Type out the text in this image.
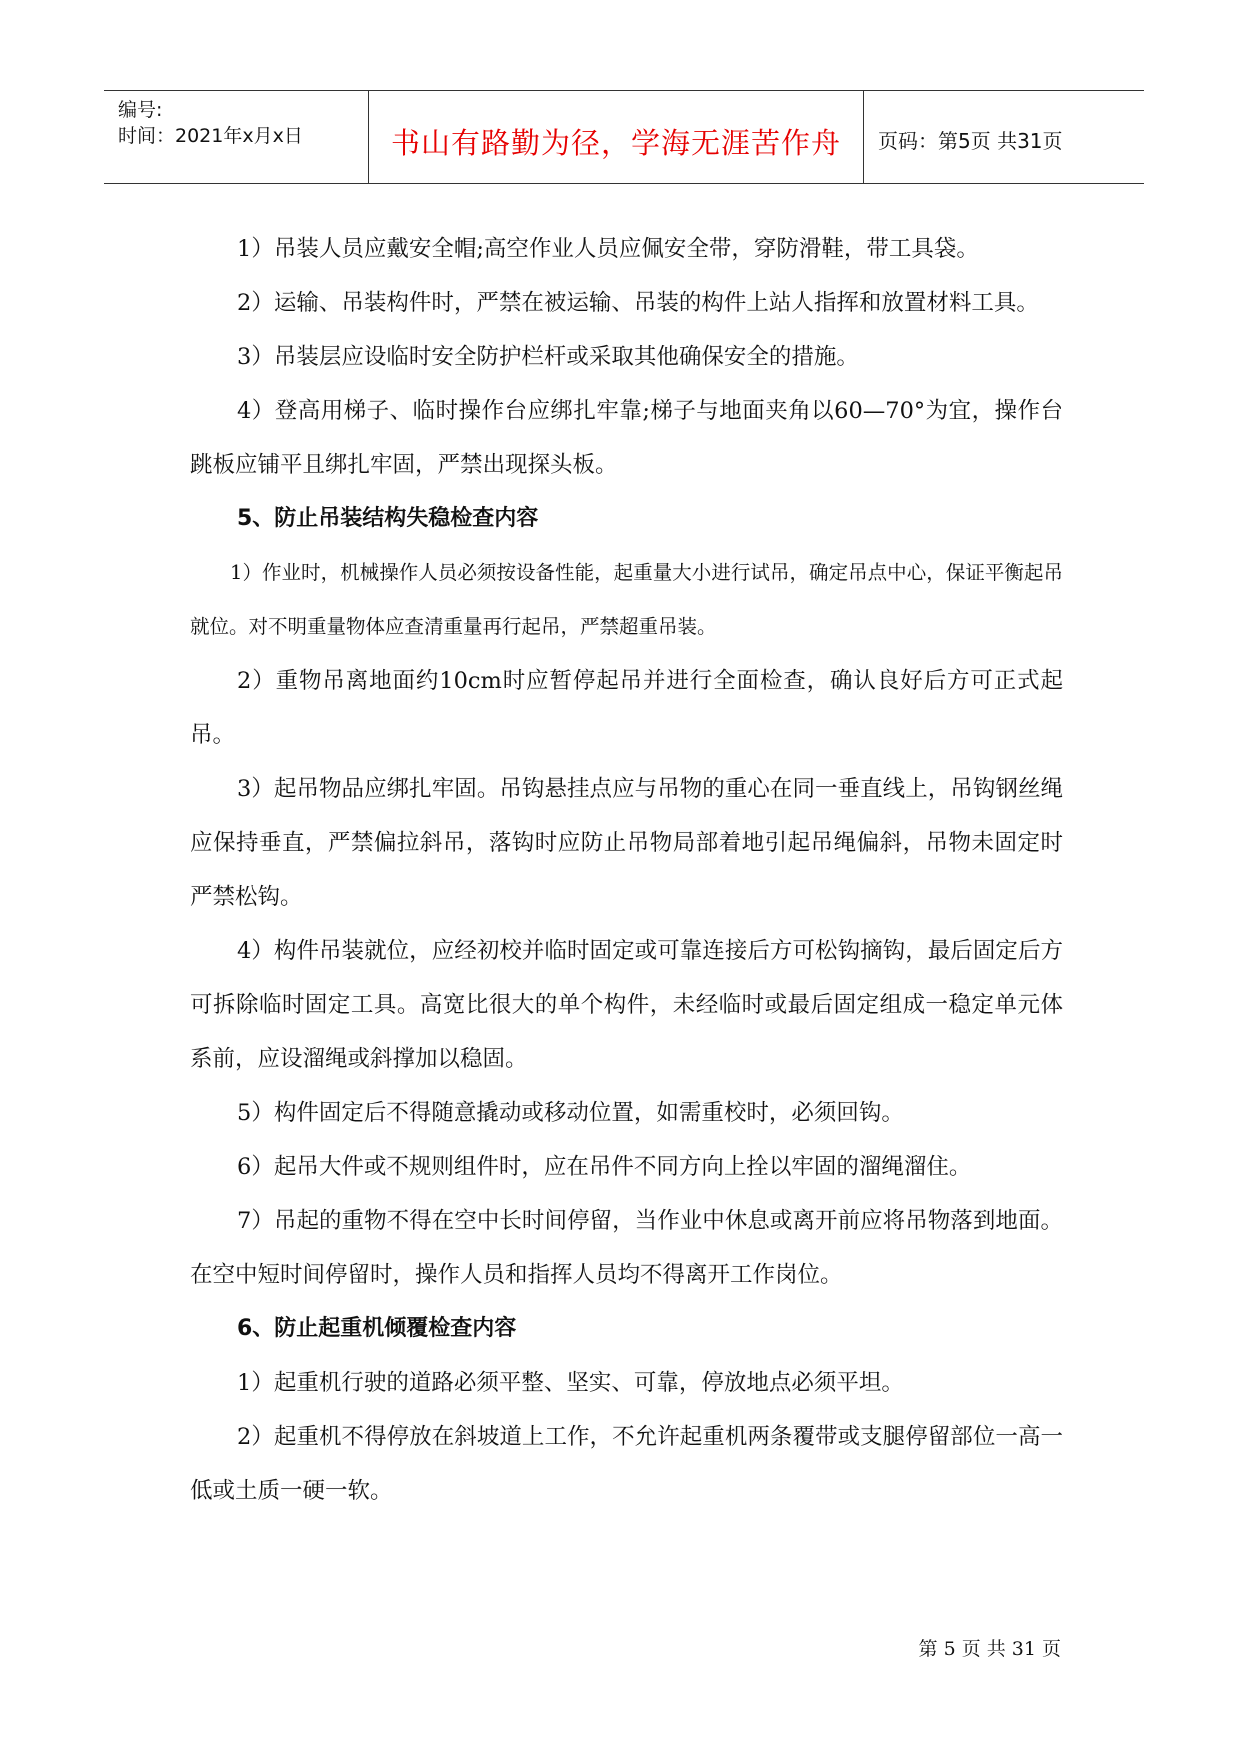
编号:
时间：2021年x月x日	书山有路勤为径，学海无涯苦作舟	页码：第5页 共31页

1）吊装人员应戴安全帽;高空作业人员应佩安全带，穿防滑鞋，带工具袋。

2）运输、吊装构件时，严禁在被运输、吊装的构件上站人指挥和放置材料工具。

3）吊装层应设临时安全防护栏杆或采取其他确保安全的措施。

4）登高用梯子、临时操作台应绑扎牢靠;梯子与地面夹角以60—70°为宜，操作台跳板应铺平且绑扎牢固，严禁出现探头板。

5、防止吊装结构失稳检查内容

1）作业时，机械操作人员必须按设备性能，起重量大小进行试吊，确定吊点中心，保证平衡起吊就位。对不明重量物体应查清重量再行起吊，严禁超重吊装。

2）重物吊离地面约10cm时应暂停起吊并进行全面检查，确认良好后方可正式起吊。

3）起吊物品应绑扎牢固。吊钩悬挂点应与吊物的重心在同一垂直线上，吊钩钢丝绳应保持垂直，严禁偏拉斜吊，落钩时应防止吊物局部着地引起吊绳偏斜，吊物未固定时严禁松钩。

4）构件吊装就位，应经初校并临时固定或可靠连接后方可松钩摘钩，最后固定后方可拆除临时固定工具。高宽比很大的单个构件，未经临时或最后固定组成一稳定单元体系前，应设溜绳或斜撑加以稳固。

5）构件固定后不得随意撬动或移动位置，如需重校时，必须回钩。

6）起吊大件或不规则组件时，应在吊件不同方向上拴以牢固的溜绳溜住。

7）吊起的重物不得在空中长时间停留，当作业中休息或离开前应将吊物落到地面。在空中短时间停留时，操作人员和指挥人员均不得离开工作岗位。

6、防止起重机倾覆检查内容

1）起重机行驶的道路必须平整、坚实、可靠，停放地点必须平坦。

2）起重机不得停放在斜坡道上工作，不允许起重机两条覆带或支腿停留部位一高一低或土质一硬一软。

第 5 页 共 31 页
